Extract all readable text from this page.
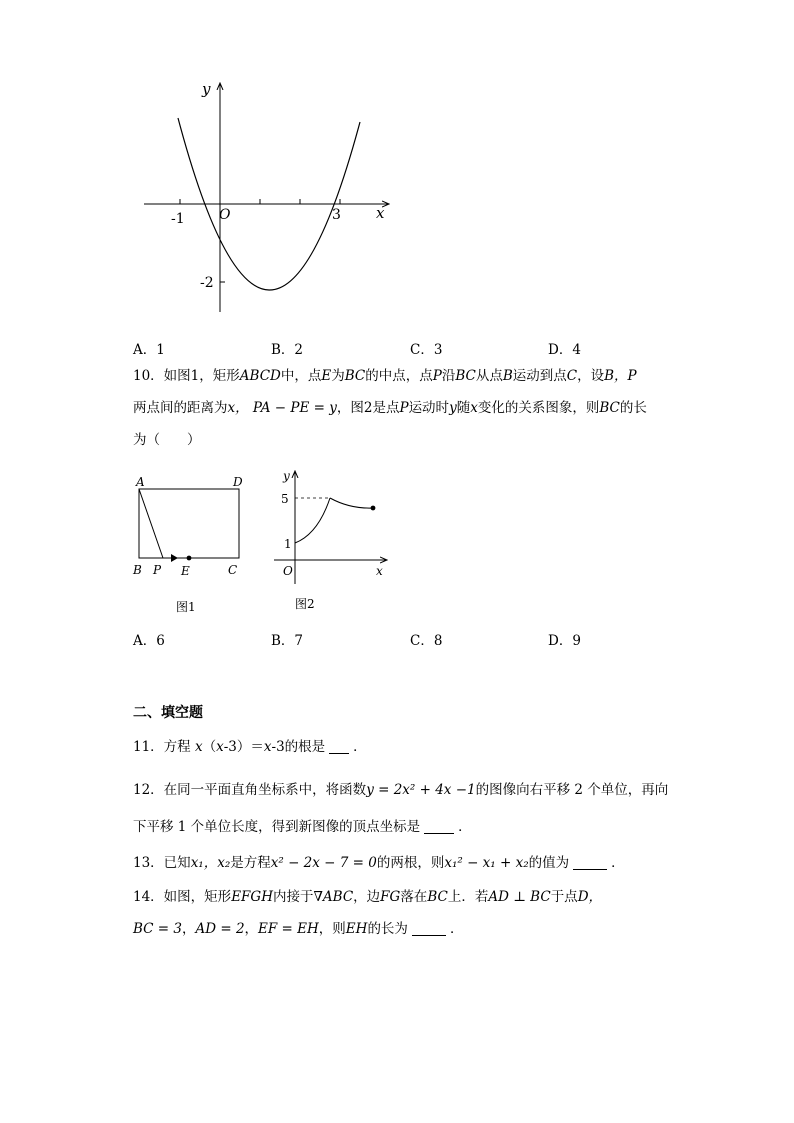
y
x
-1 O	3
-2
A．1	B．2	C．3	D．4
10．如图1，矩形ABCD中，点E为BC的中点，点P沿BC从点B运动到点C，设B，P
两点间的距离为x， PA − PE = y，图2是点P运动时y随x变化的关系图象，则BC的长
为（　　）
A	D
B P E	C
图1
y
5
1
O	x
图2
A．6	B．7	C．8	D．9
二、填空题
11．方程 x（x-3）＝x-3的根是 ．
12．在同一平面直角坐标系中，将函数y = 2x² + 4x −1的图像向右平移 2 个单位，再向
下平移 1 个单位长度，得到新图像的顶点坐标是	．
13．已知x₁，x₂是方程x² − 2x − 7 = 0的两根，则x₁² − x₁ + x₂的值为	．
14．如图，矩形EFGH内接于∇ABC，边FG落在BC上．若AD ⊥ BC于点D，
BC = 3，AD = 2，EF = EH，则EH的长为	．
